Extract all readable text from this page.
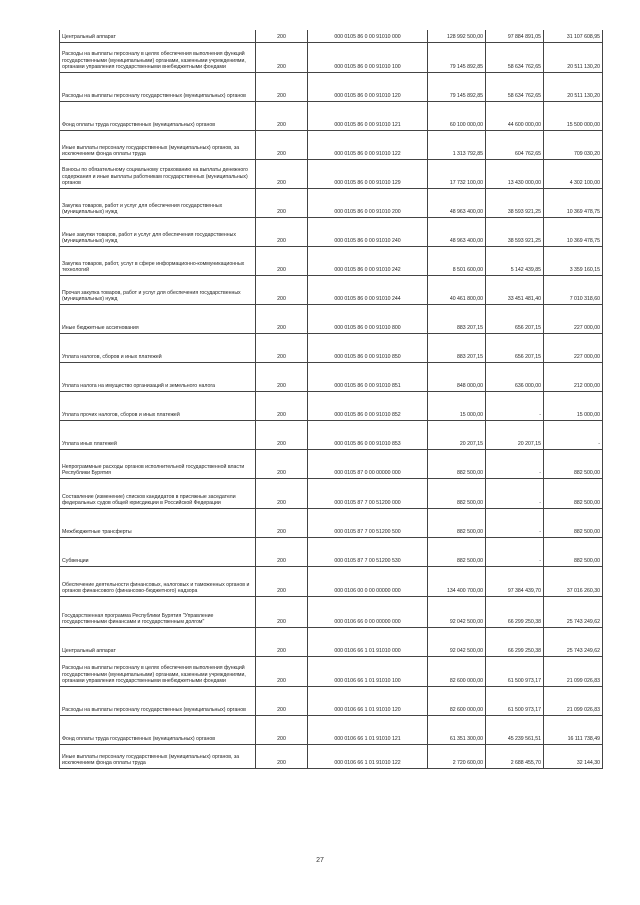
Центральный аппарат	200	000 0105 86 0 00 91010 000	128 992 500,00	97 884 891,05	31 107 608,95
Расходы на выплаты персоналу в целях обеспечения выполнения функций государственными (муниципальными) органами, казенными учреждениями, органами управления государственными внебюджетными фондами	200	000 0105 86 0 00 91010 100	79 145 892,85	58 634 762,65	20 511 130,20
Расходы на выплаты персоналу государственных (муниципальных) органов	200	000 0105 86 0 00 91010 120	79 145 892,85	58 634 762,65	20 511 130,20
Фонд оплаты труда государственных (муниципальных) органов	200	000 0105 86 0 00 91010 121	60 100 000,00	44 600 000,00	15 500 000,00
Иные выплаты персоналу государственных (муниципальных) органов, за исключением фонда оплаты труда	200	000 0105 86 0 00 91010 122	1 313 792,85	604 762,65	709 030,20
Взносы по обязательному социальному страхованию на выплаты денежного содержания и иные выплаты работникам государственных (муниципальных) органов	200	000 0105 86 0 00 91010 129	17 732 100,00	13 430 000,00	4 302 100,00
Закупка товаров, работ и услуг для обеспечения государственных (муниципальных) нужд	200	000 0105 86 0 00 91010 200	48 963 400,00	38 593 921,25	10 369 478,75
Иные закупки товаров, работ и услуг для обеспечения государственных (муниципальных) нужд	200	000 0105 86 0 00 91010 240	48 963 400,00	38 593 921,25	10 369 478,75
Закупка товаров, работ, услуг в сфере информационно-коммуникационных технологий	200	000 0105 86 0 00 91010 242	8 501 600,00	5 142 439,85	3 359 160,15
Прочая закупка товаров, работ и услуг для обеспечения государственных (муниципальных) нужд	200	000 0105 86 0 00 91010 244	40 461 800,00	33 451 481,40	7 010 318,60
Иные бюджетные ассигнования	200	000 0105 86 0 00 91010 800	883 207,15	656 207,15	227 000,00
Уплата налогов, сборов и иных платежей	200	000 0105 86 0 00 91010 850	883 207,15	656 207,15	227 000,00
Уплата налога на имущество организаций и земельного налога	200	000 0105 86 0 00 91010 851	848 000,00	636 000,00	212 000,00
Уплата прочих налогов, сборов и иных платежей	200	000 0105 86 0 00 91010 852	15 000,00	-	15 000,00
Уплата иных платежей	200	000 0105 86 0 00 91010 853	20 207,15	20 207,15	-
Непрограммные расходы органов исполнительной государственной власти Республики Бурятия	200	000 0105 87 0 00 00000 000	882 500,00	-	882 500,00
Составление (изменение) списков кандидатов в присяжные заседатели федеральных судов общей юрисдикции в Российской Федерации	200	000 0105 87 7 00 51200 000	882 500,00	-	882 500,00
Межбюджетные трансферты	200	000 0105 87 7 00 51200 500	882 500,00	-	882 500,00
Субвенции	200	000 0105 87 7 00 51200 530	882 500,00	-	882 500,00
Обеспечение деятельности финансовых, налоговых и таможенных органов и органов финансового (финансово-бюджетного) надзора	200	000 0106 00 0 00 00000 000	134 400 700,00	97 384 439,70	37 016 260,30
Государственная программа Республики Бурятия "Управление государственными финансами и государственным долгом"	200	000 0106 66 0 00 00000 000	92 042 500,00	66 299 250,38	25 743 249,62
Центральный аппарат	200	000 0106 66 1 01 91010 000	92 042 500,00	66 299 250,38	25 743 249,62
Расходы на выплаты персоналу в целях обеспечения выполнения функций государственными (муниципальными) органами, казенными учреждениями, органами управления государственными внебюджетными фондами	200	000 0106 66 1 01 91010 100	82 600 000,00	61 500 973,17	21 099 026,83
Расходы на выплаты персоналу государственных (муниципальных) органов	200	000 0106 66 1 01 91010 120	82 600 000,00	61 500 973,17	21 099 026,83
Фонд оплаты труда государственных (муниципальных) органов	200	000 0106 66 1 01 91010 121	61 351 300,00	45 239 561,51	16 111 738,49
Иные выплаты персоналу государственных (муниципальных) органов, за исключением фонда оплаты труда	200	000 0106 66 1 01 91010 122	2 720 600,00	2 688 455,70	32 144,30
27
